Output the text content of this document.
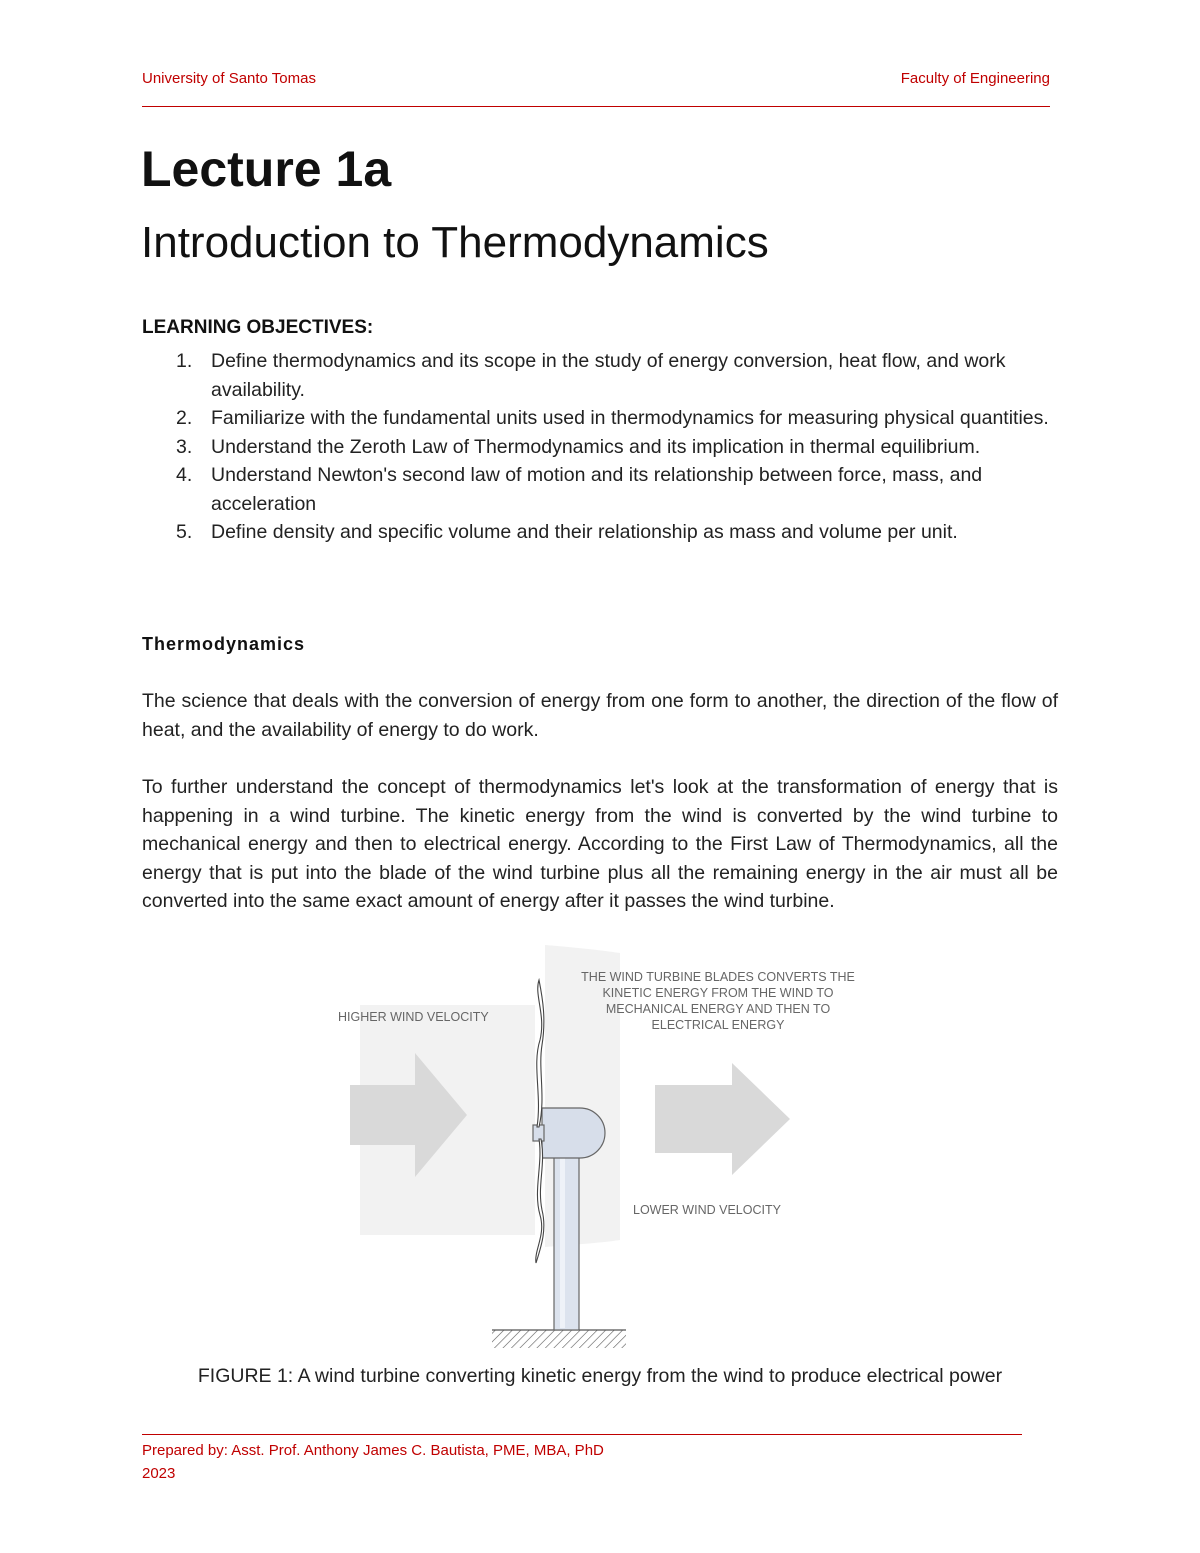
University of Santo Tomas	Faculty of Engineering
Lecture 1a
Introduction to Thermodynamics
LEARNING OBJECTIVES:
1. Define thermodynamics and its scope in the study of energy conversion, heat flow, and work availability.
2. Familiarize with the fundamental units used in thermodynamics for measuring physical quantities.
3. Understand the Zeroth Law of Thermodynamics and its implication in thermal equilibrium.
4. Understand Newton's second law of motion and its relationship between force, mass, and acceleration
5. Define density and specific volume and their relationship as mass and volume per unit.
Thermodynamics

The science that deals with the conversion of energy from one form to another, the direction of the flow of heat, and the availability of energy to do work.

To further understand the concept of thermodynamics let's look at the transformation of energy that is happening in a wind turbine. The kinetic energy from the wind is converted by the wind turbine to mechanical energy and then to electrical energy. According to the First Law of Thermodynamics, all the energy that is put into the blade of the wind turbine plus all the remaining energy in the air must all be converted into the same exact amount of energy after it passes the wind turbine.

HIGHER WIND VELOCITY
THE WIND TURBINE BLADES CONVERTS THE
KINETIC ENERGY FROM THE WIND TO
MECHANICAL ENERGY AND THEN TO
ELECTRICAL ENERGY
LOWER WIND VELOCITY
FIGURE 1: A wind turbine converting kinetic energy from the wind to produce electrical power
Prepared by: Asst. Prof. Anthony James C. Bautista, PME, MBA, PhD
2023
